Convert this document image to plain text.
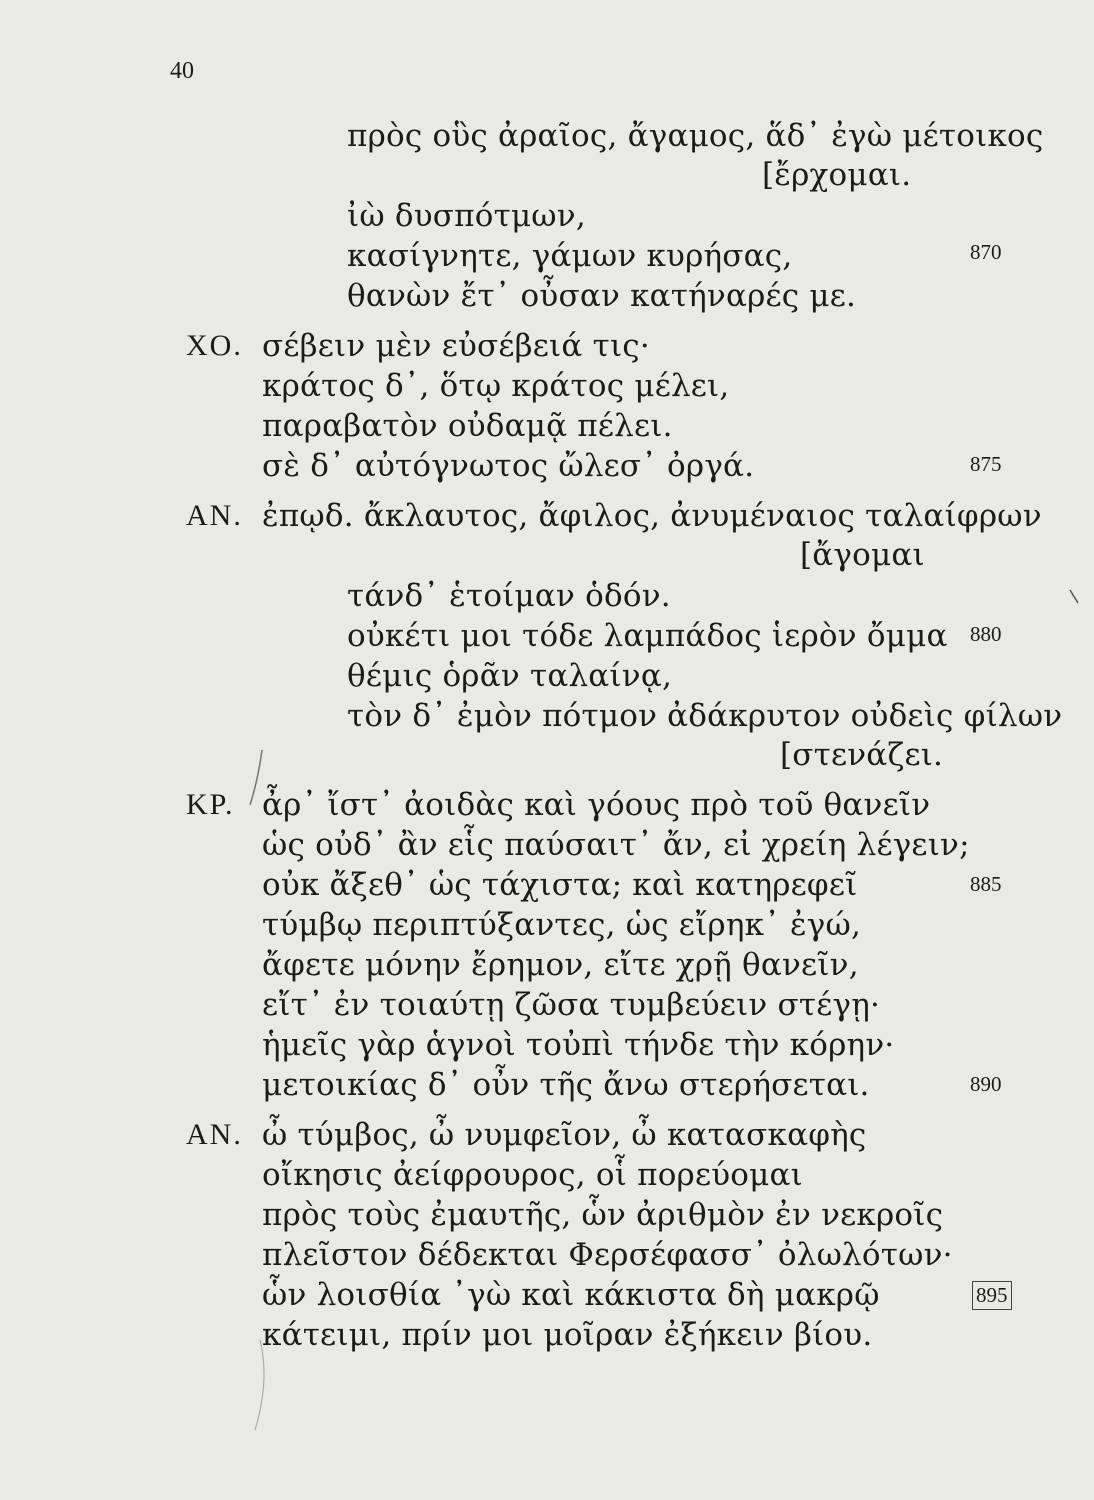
40
πρὸς οὓς ἀραῖος, ἄγαμος, ἅδ᾽ ἐγὼ μέτοικος
[ἔρχομαι.
ἰὼ δυσπότμων,
κασίγνητε, γάμων κυρήσας,
θανὼν ἔτ᾽ οὖσαν κατήναρές με.
σέβειν μὲν εὐσέβειά τις·
κράτος δ᾽, ὅτῳ κράτος μέλει,
παραβατὸν οὐδαμᾷ πέλει.
σὲ δ᾽ αὐτόγνωτος ὤλεσ᾽ ὀργά.
ἐπῳδ. ἄκλαυτος, ἄφιλος, ἀνυμέναιος ταλαίφρων
[ἄγομαι
τάνδ᾽ ἑτοίμαν ὁδόν.
οὐκέτι μοι τόδε λαμπάδος ἱερὸν ὄμμα
θέμις ὁρᾶν ταλαίνᾳ,
τὸν δ᾽ ἐμὸν πότμον ἀδάκρυτον οὐδεὶς φίλων
[στενάζει.
ἆρ᾽ ἴστ᾽ ἀοιδὰς καὶ γόους πρὸ τοῦ θανεῖν
ὡς οὐδ᾽ ἂν εἷς παύσαιτ᾽ ἄν, εἰ χρείη λέγειν;
οὐκ ἄξεθ᾽ ὡς τάχιστα; καὶ κατηρεφεῖ
τύμβῳ περιπτύξαντες, ὡς εἴρηκ᾽ ἐγώ,
ἄφετε μόνην ἔρημον, εἴτε χρῇ θανεῖν,
εἴτ᾽ ἐν τοιαύτῃ ζῶσα τυμβεύειν στέγῃ·
ἡμεῖς γὰρ ἁγνοὶ τοὐπὶ τήνδε τὴν κόρην·
μετοικίας δ᾽ οὖν τῆς ἄνω στερήσεται.
ὦ τύμβος, ὦ νυμφεῖον, ὦ κατασκαφὴς
οἴκησις ἀείφρουρος, οἷ πορεύομαι
πρὸς τοὺς ἐμαυτῆς, ὧν ἀριθμὸν ἐν νεκροῖς
πλεῖστον δέδεκται Φερσέφασσ᾽ ὀλωλότων·
ὧν λοισθία ᾽γὼ καὶ κάκιστα δὴ μακρῷ
κάτειμι, πρίν μοι μοῖραν ἐξήκειν βίου.
ΧΟ.
ΑΝ.
ΚΡ.
ΑΝ.
870
875
880
885
890
895
